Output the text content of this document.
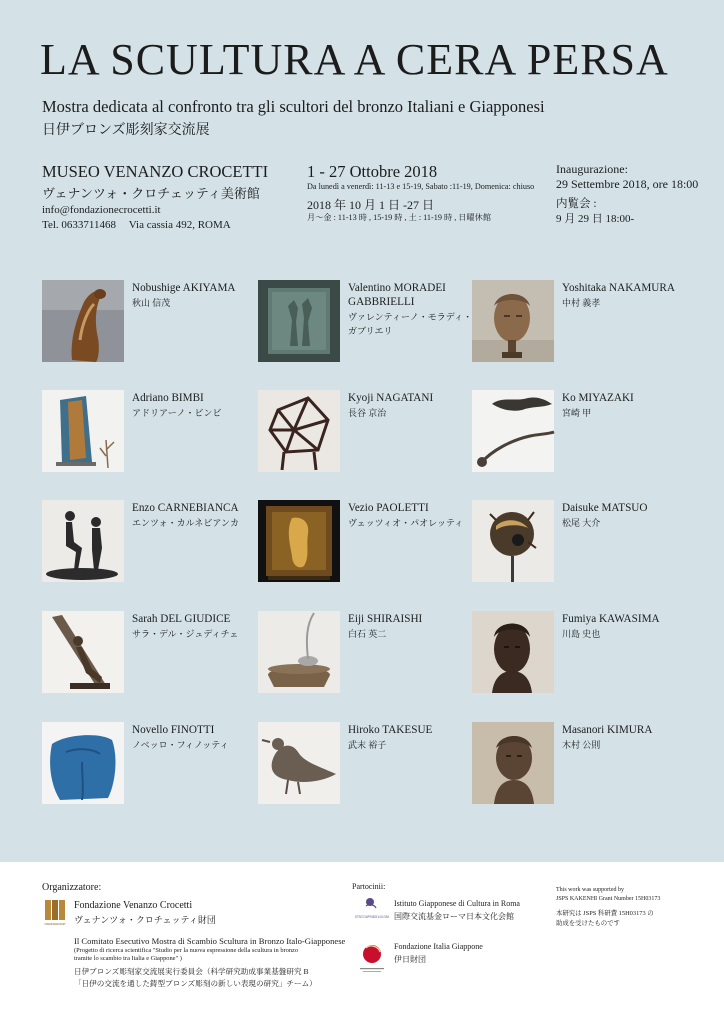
LA SCULTURA A CERA PERSA
Mostra dedicata al confronto tra gli scultori del bronzo Italiani e Giapponesi
日伊ブロンズ彫刻家交流展
MUSEO VENANZO CROCETTI
ヴェナンツォ・クロチェッティ美術館
info@fondazionecrocetti.it
Tel. 0633711468 Via cassia 492, ROMA
1 - 27 Ottobre 2018
Da lunedì a venerdì: 11-13 e 15-19, Sabato :11-19, Domenica: chiuso
2018 年 10 月 1 日 -27 日
月～金 : 11-13 時 , 15-19 時 , 土 : 11-19 時 , 日曜休館
Inaugurazione:
29 Settembre 2018, ore 18:00
内覧会 :
9 月 29 日 18:00-
Nobushige AKIYAMA
秋山 信茂
Valentino MORADEI GABBRIELLI
ヴァレンティーノ・モラディ・ガブリエリ
Yoshitaka NAKAMURA
中村 義孝
Adriano BIMBI
アドリアーノ・ビンビ
Kyoji NAGATANI
長谷 京治
Ko MIYAZAKI
宮崎 甲
Enzo CARNEBIANCA
エンツォ・カルネビアンカ
Vezio PAOLETTI
ヴェッツィオ・パオレッティ
Daisuke MATSUO
松尾 大介
Sarah DEL GIUDICE
サラ・デル・ジュディチェ
Eiji SHIRAISHI
白石 英二
Fumiya KAWASIMA
川島 史也
Novello FINOTTI
ノベッロ・フィノッティ
Hiroko TAKESUE
武末 裕子
Masanori KIMURA
木村 公則
Organizzatore:
FONDAZIONE VENANZO CROCETTI
Fondazione Venanzo Crocetti
ヴェナンツォ・クロチェッティ財団
Il Comitato Esecutivo Mostra di Scambio Scultura in Bronzo Italo-Giapponese
(Progetto di ricerca scientifica "Studio per la nuova espressione della scultura in bronzo tramite lo scambio tra Italia e Giappone" )
日伊ブロンズ彫刻家交流展実行委員会（科学研究助成事業基盤研究 B
「日伊の交流を通した鋳型ブロンズ彫刻の新しい表現の研究」チーム）
Partocinii:
ISTITUTO GIAPPONESE di CULTURA
Istituto Giapponese di Cultura in Roma
国際交流基金ローマ日本文化会館
Fondazione Italia Giappone
伊日財団
This work was supported by
JSPS KAKENHI Grant Number 15H03173
本研究は JSPS 科研費 15H03173 の
助成を受けたものです
